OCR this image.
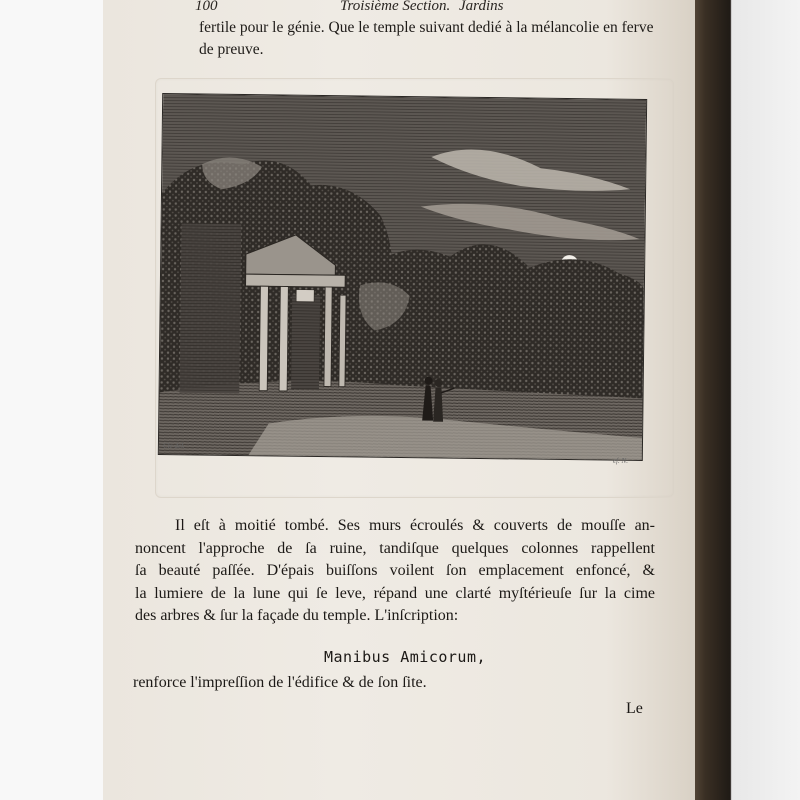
100	Troisième Section. Jardins
fertile pour le génie. Que le temple suivant dedié à la mélancolie en ferve
de preuve.
Cle del.
ef. N.

Il eſt à moitié tombé. Ses murs écroulés & couverts de mouſſe an-

noncent l'approche de ſa ruine, tandiſque quelques colonnes rappellent

ſa beauté paſſée. D'épais buiſſons voilent ſon emplacement enfoncé, &

la lumiere de la lune qui ſe leve, répand une clarté myſtérieuſe ſur la cime

des arbres & ſur la façade du temple. L'inſcription:

Manibus Amicorum,
renforce l'impreſſion de l'édifice & de ſon ſite.
Le
